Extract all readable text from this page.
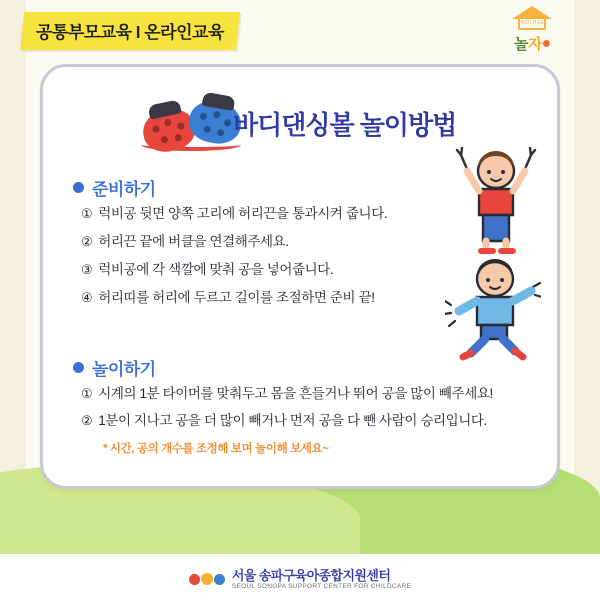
공통부모교육 l 온라인교육	NOLHAE
놀자
바디댄싱볼 놀이방법
준비하기
① 럭비공 뒷면 양쪽 고리에 허리끈을 통과시켜 줍니다.
② 허리끈 끝에 버클을 연결해주세요.
③ 럭비공에 각 색깔에 맞춰 공을 넣어줍니다.
④ 허리띠를 허리에 두르고 길이를 조절하면 준비 끝!
놀이하기
① 시계의 1분 타이머를 맞춰두고 몸을 흔들거나 뛰어 공을 많이 빼주세요!
② 1분이 지나고 공을 더 많이 빼거나 먼저 공을 다 뺀 사람이 승리입니다.
* 시간, 공의 개수를 조정해 보며 놀이해 보세요~
서울 송파구육아종합지원센터
SEOUL SONGPA SUPPORT CENTER FOR CHILDCARE
